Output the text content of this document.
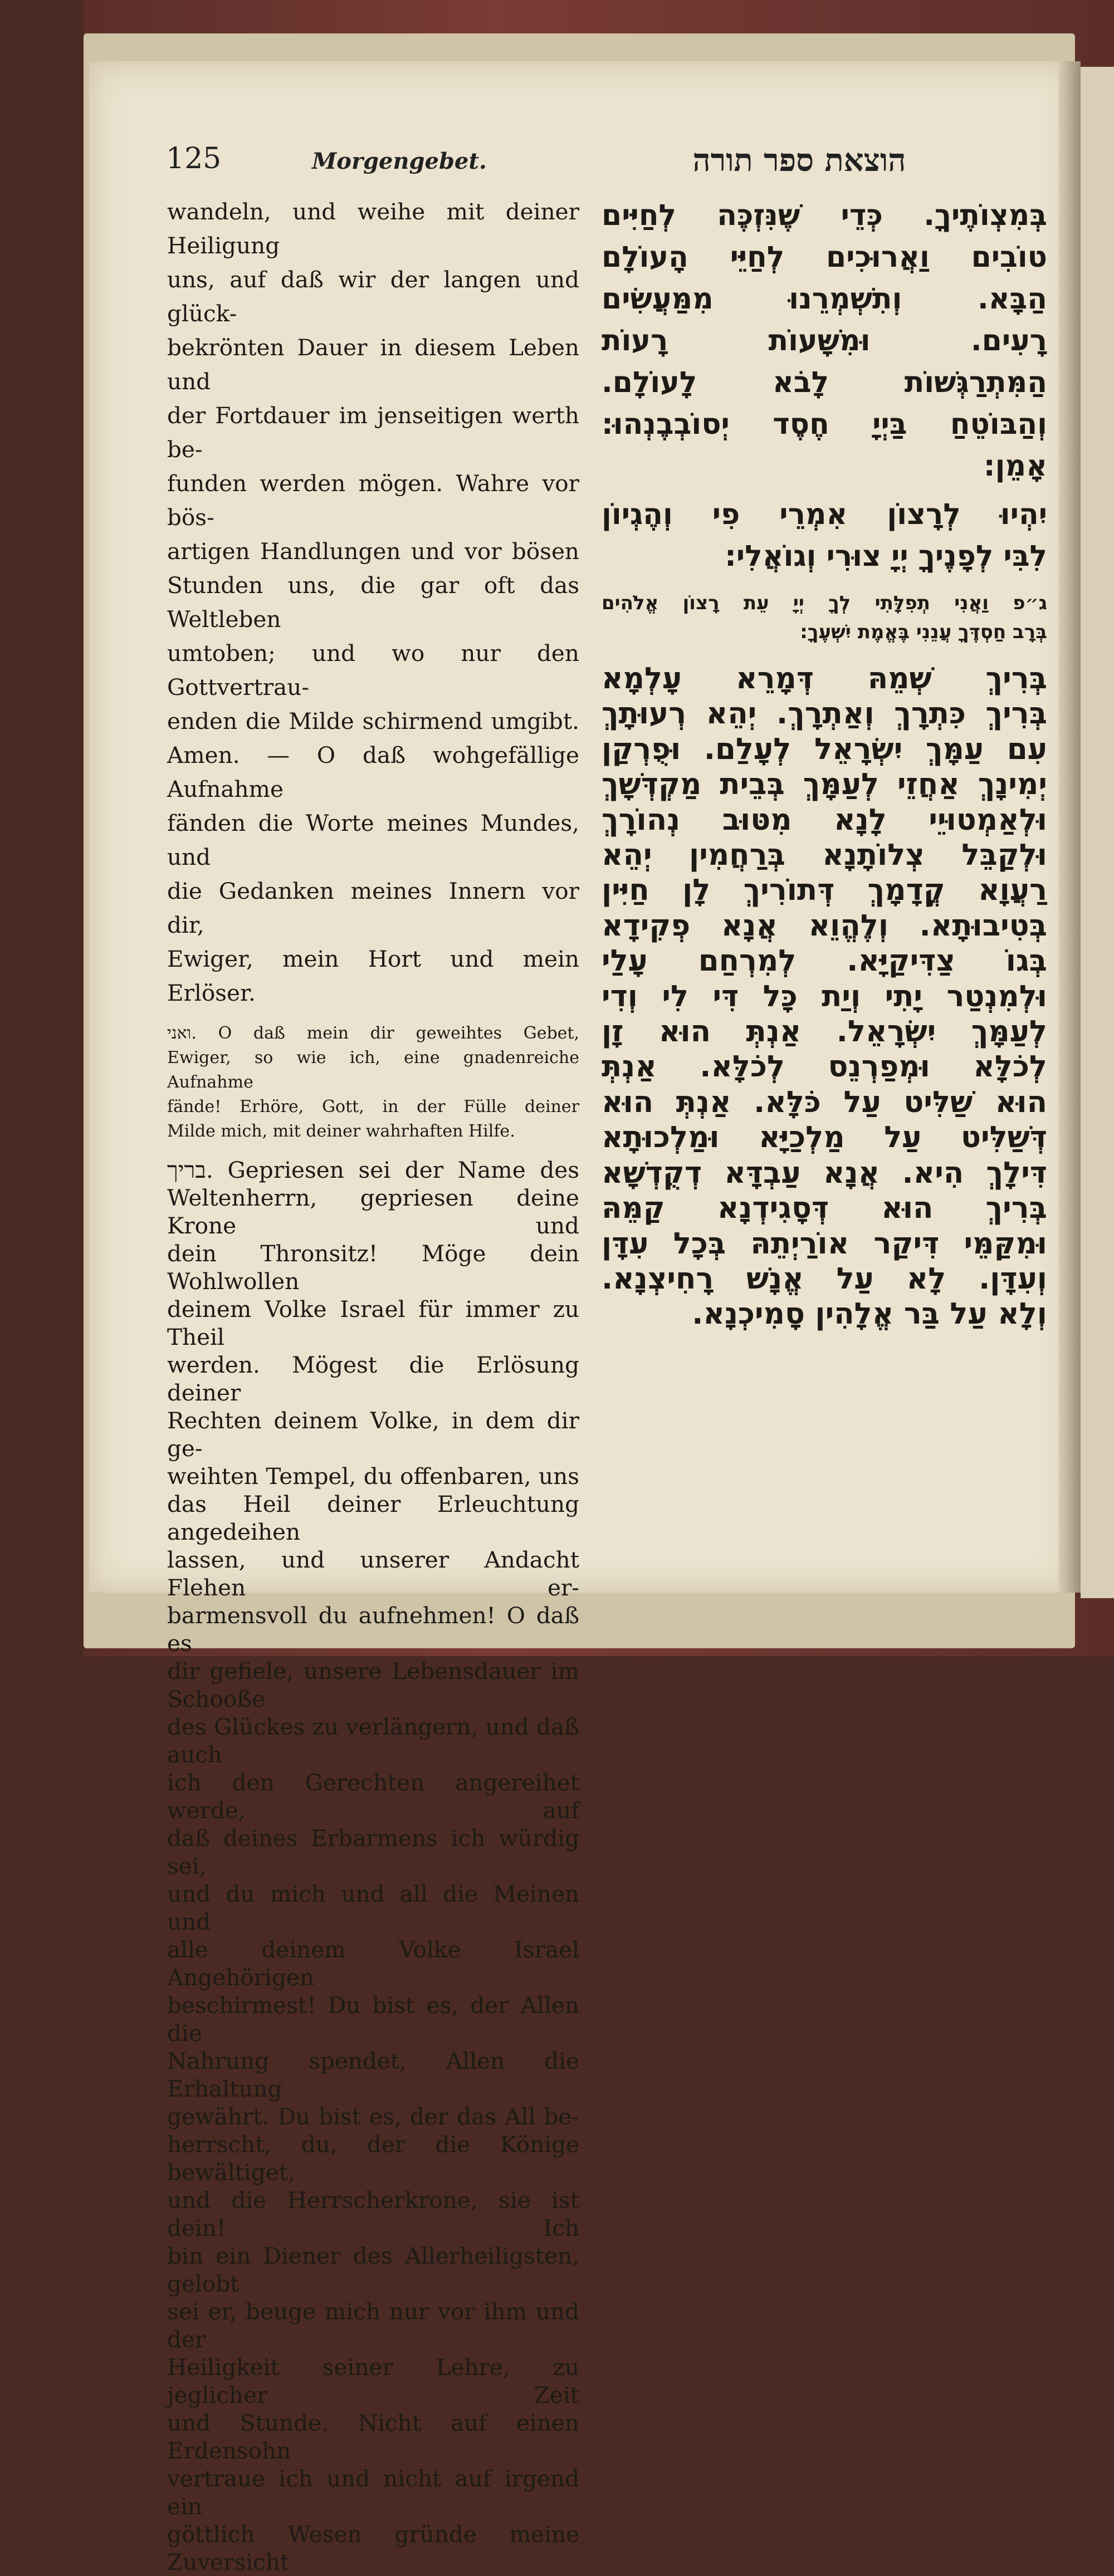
125	Morgengebet.	הוצאת ספר תורה

wandeln, und weihe mit deiner Heiligung

uns, auf daß wir der langen und glück-

bekrönten Dauer in diesem Leben und

der Fortdauer im jenseitigen werth be-

funden werden mögen. Wahre vor bös-

artigen Handlungen und vor bösen

Stunden uns, die gar oft das Weltleben

umtoben; und wo nur den Gottvertrau-

enden die Milde schirmend umgibt.

Amen. — O daß wohgefällige Aufnahme

fänden die Worte meines Mundes, und

die Gedanken meines Innern vor dir,

Ewiger, mein Hort und mein Erlöser.

ואני. O daß mein dir geweihtes Gebet,

Ewiger, so wie ich, eine gnadenreiche Aufnahme

fände! Erhöre, Gott, in der Fülle deiner

Milde mich, mit deiner wahrhaften Hilfe.

בריך. Gepriesen sei der Name des

Weltenherrn, gepriesen deine Krone und

dein Thronsitz! Möge dein Wohlwollen

deinem Volke Israel für immer zu Theil

werden. Mögest die Erlösung deiner

Rechten deinem Volke, in dem dir ge-

weihten Tempel, du offenbaren, uns

das Heil deiner Erleuchtung angedeihen

lassen, und unserer Andacht Flehen er-

barmensvoll du aufnehmen! O daß es

dir gefiele, unsere Lebensdauer im Schooße

des Glückes zu verlängern, und daß auch

ich den Gerechten angereihet werde, auf

daß deines Erbarmens ich würdig sei,

und du mich und all die Meinen und

alle deinem Volke Israel Angehörigen

beschirmest! Du bist es, der Allen die

Nahrung spendet, Allen die Erhaltung

gewährt. Du bist es, der das All be-

herrscht, du, der die Könige bewältiget,

und die Herrscherkrone, sie ist dein! Ich

bin ein Diener des Allerheiligsten, gelobt

sei er, beuge mich nur vor ihm und der

Heiligkeit seiner Lehre, zu jeglicher Zeit

und Stunde. Nicht auf einen Erdensohn

vertraue ich und nicht auf irgend ein

göttlich Wesen gründe meine Zuversicht

בְּמִצְוֹתֶיךָ. כְּדֵי שֶׁנִּזְכֶּה לְחַיִּים

טוֹבִים וַאֲרוּכִים לְחַיֵּי הָעוֹלָם

הַבָּא. וְתִשְׁמְרֵנוּ מִמַּעֲשִׂים

רָעִים. וּמִשָּׁעוֹת רָעוֹת

הַמִּתְרַגְּשׁוֹת לָבֹא לָעוֹלָם.

וְהַבּוֹטֵחַ בַּיְיָ חֶסֶד יְסוֹבְבֶנְהוּ:

אָמֵן:

יִהְיוּ לְרָצוֹן אִמְרֵי פִי וְהֶגְיוֹן

לִבִּי לְפָנֶיךָ יְיָ צוּרִי וְגוֹאֲלִי:

ג״פ וַאֲנִי תְפִלָּתִי לְךָ יְיָ עֵת רָצוֹן אֱלֹהִים

בְּרָב חַסְדֶּךָ עֲנֵנִי בֶּאֱמֶת יִשְׁעֶךָ:

בְּרִיךְ שְׁמֵהּ דְּמָרֵא עָלְמָא

בְּרִיךְ כִּתְרָךְ וְאַתְרָךְ. יְהֵא רְעוּתָךְ

עִם עַמָּךְ יִשְׂרָאֵל לְעָלַם. וּפֻרְקַן

יְמִינָךְ אַחֲזֵי לְעַמָּךְ בְּבֵית מַקְדְּשָׁךְ

וּלְאַמְטוּיֵי לָנָא מִטּוּב נְהוֹרָךְ

וּלְקַבֵּל צְלוֹתָנָא בְּרַחֲמִין יְהֵא

רַעֲוָא קֳדָמָךְ דְּתוֹרִיךְ לָן חַיִּין

בְּטִיבוּתָא. וְלֶהֱוֵא אֲנָא פְקִידָא

בְּגוֹ צַדִּיקַיָּא. לְמִרְחַם עָלַי

וּלְמִנְטַר יָתִי וְיַת כָּל דִּי לִי וְדִי

לְעַמָּךְ יִשְׂרָאֵל. אַנְתְּ הוּא זָן

לְכֹלָּא וּמְפַרְנֵס לְכֹלָּא. אַנְתְּ

הוּא שַׁלִּיט עַל כֹּלָּא. אַנְתְּ הוּא

דְּשַׁלִּיט עַל מַלְכַיָּא וּמַלְכוּתָא

דִּילָךְ הִיא. אֲנָא עַבְדָּא דְקֻדְשָׁא

בְּרִיךְ הוּא דְּסָגִידְנָא קַמֵּהּ

וּמִקַּמֵּי דִּיקַר אוֹרַיְתֵהּ בְּכָל עִדָּן

וְעִדָּן. לָא עַל אֱנָשׁ רָחִיצְנָא.

וְלָא עַל בַּר אֱלָהִין סָמִיכְנָא.
